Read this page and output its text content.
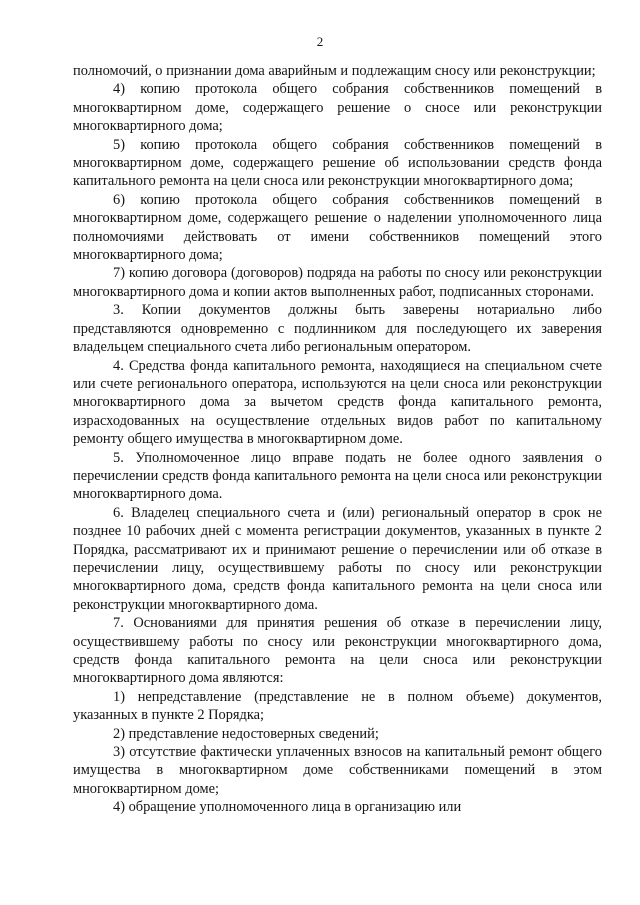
2

полномочий, о признании дома аварийным и подлежащим сносу или реконструкции;

4) копию протокола общего собрания собственников помещений в многоквартирном доме, содержащего решение о сносе или реконструкции многоквартирного дома;

5) копию протокола общего собрания собственников помещений в многоквартирном доме, содержащего решение об использовании средств фонда капитального ремонта на цели сноса или реконструкции многоквартирного дома;

6) копию протокола общего собрания собственников помещений в многоквартирном доме, содержащего решение о наделении уполномоченного лица полномочиями действовать от имени собственников помещений этого многоквартирного дома;

7) копию договора (договоров) подряда на работы по сносу или реконструкции многоквартирного дома и копии актов выполненных работ, подписанных сторонами.

3. Копии документов должны быть заверены нотариально либо представляются одновременно с подлинником для последующего их заверения владельцем специального счета либо региональным оператором.

4. Средства фонда капитального ремонта, находящиеся на специальном счете или счете регионального оператора, используются на цели сноса или реконструкции многоквартирного дома за вычетом средств фонда капитального ремонта, израсходованных на осуществление отдельных видов работ по капитальному ремонту общего имущества в многоквартирном доме.

5. Уполномоченное лицо вправе подать не более одного заявления о перечислении средств фонда капитального ремонта на цели сноса или реконструкции многоквартирного дома.

6. Владелец специального счета и (или) региональный оператор в срок не позднее 10 рабочих дней с момента регистрации документов, указанных в пункте 2 Порядка, рассматривают их и принимают решение о перечислении или об отказе в перечислении лицу, осуществившему работы по сносу или реконструкции многоквартирного дома, средств фонда капитального ремонта на цели сноса или реконструкции многоквартирного дома.

7. Основаниями для принятия решения об отказе в перечислении лицу, осуществившему работы по сносу или реконструкции многоквартирного дома, средств фонда капитального ремонта на цели сноса или реконструкции многоквартирного дома являются:

1) непредставление (представление не в полном объеме) документов, указанных в пункте 2 Порядка;

2) представление недостоверных сведений;

3) отсутствие фактически уплаченных взносов на капитальный ремонт общего имущества в многоквартирном доме собственниками помещений в этом многоквартирном доме;

4) обращение уполномоченного лица в организацию или
